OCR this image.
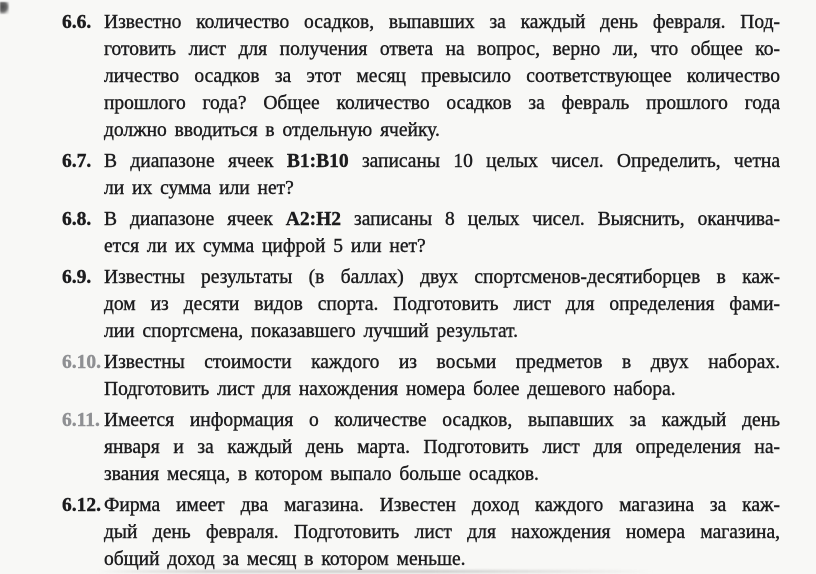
6.6. Известно количество осадков, выпавших за каждый день февраля. Под-
готовить лист для получения ответа на вопрос, верно ли, что общее ко-
личество осадков за этот месяц превысило соответствующее количество
прошлого года? Общее количество осадков за февраль прошлого года
должно вводиться в отдельную ячейку.
6.7. В диапазоне ячеек B1:B10 записаны 10 целых чисел. Определить, четна
ли их сумма или нет?
6.8. В диапазоне ячеек A2:H2 записаны 8 целых чисел. Выяснить, оканчива-
ется ли их сумма цифрой 5 или нет?
6.9. Известны результаты (в баллах) двух спортсменов-десятиборцев в каж-
дом из десяти видов спорта. Подготовить лист для определения фами-
лии спортсмена, показавшего лучший результат.
6.10. Известны стоимости каждого из восьми предметов в двух наборах.
Подготовить лист для нахождения номера более дешевого набора.
6.11. Имеется информация о количестве осадков, выпавших за каждый день
января и за каждый день марта. Подготовить лист для определения на-
звания месяца, в котором выпало больше осадков.
6.12. Фирма имеет два магазина. Известен доход каждого магазина за каж-
дый день февраля. Подготовить лист для нахождения номера магазина,
общий доход за месяц в котором меньше.
